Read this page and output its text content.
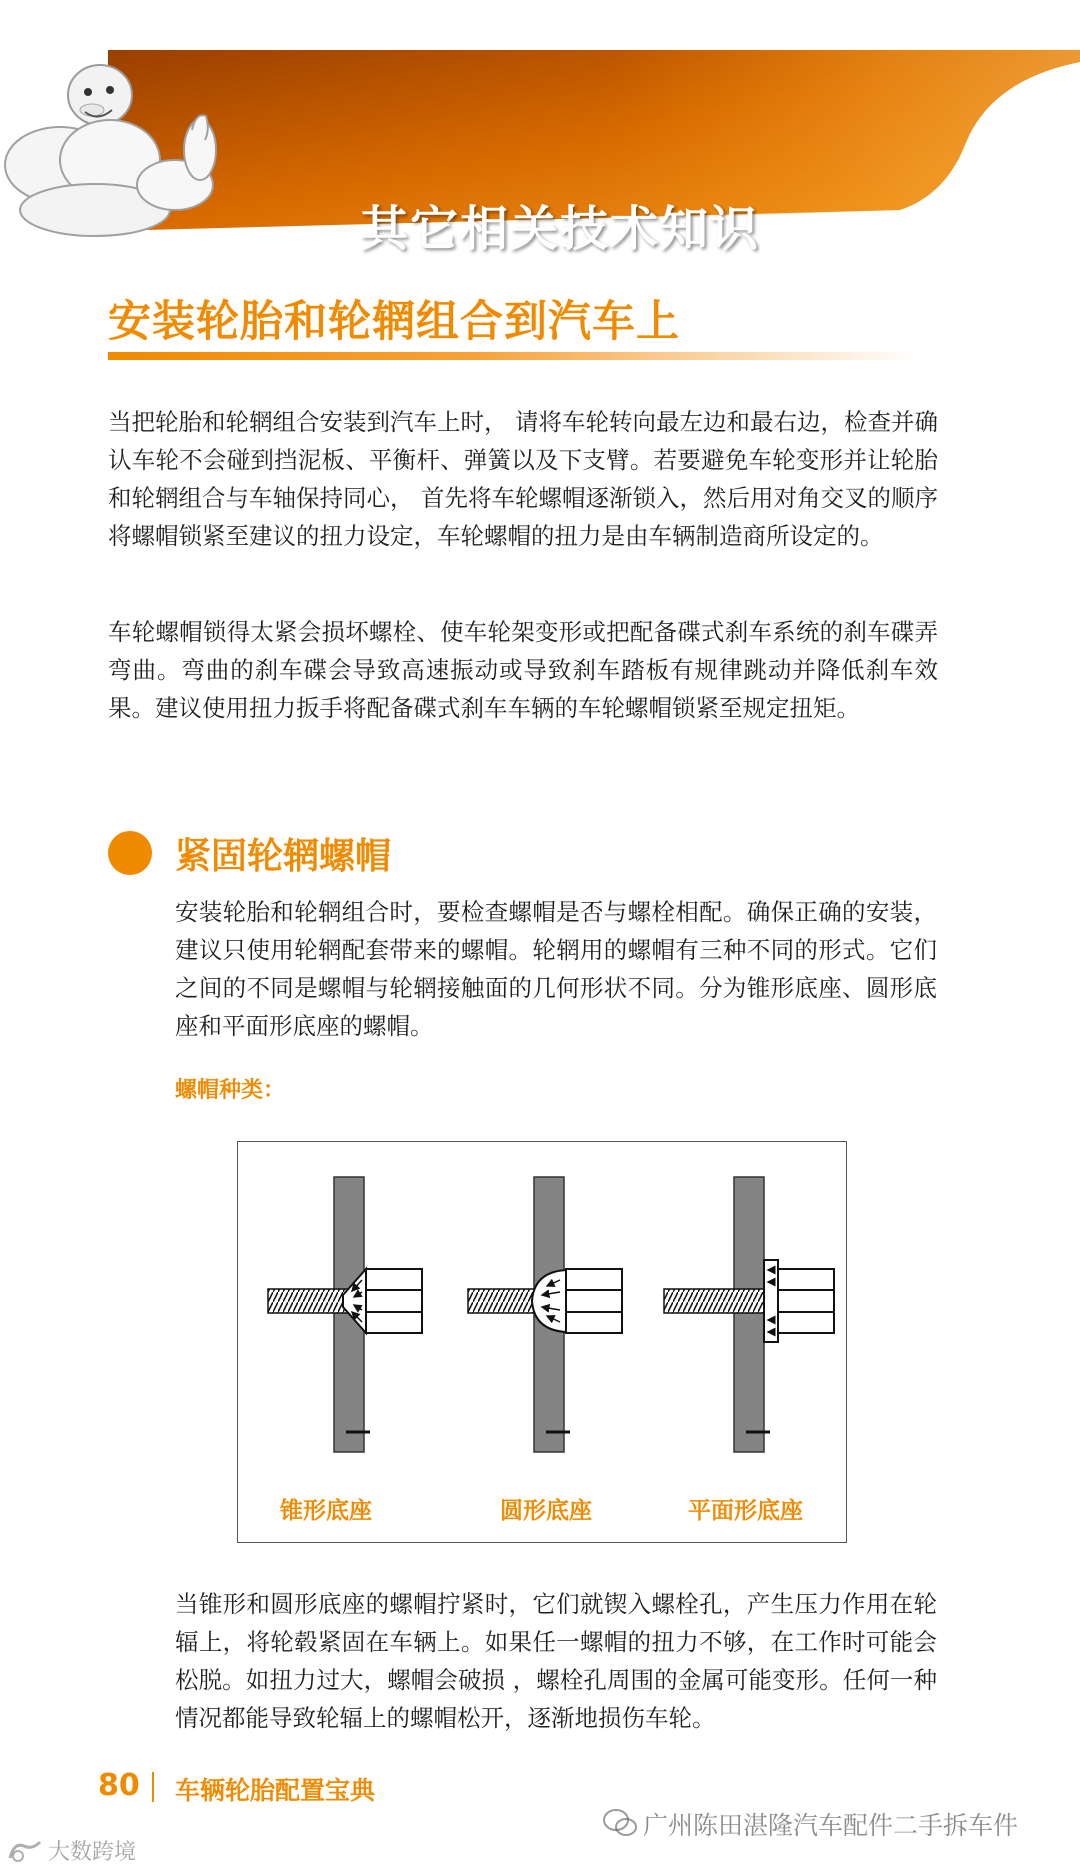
其它相关技术知识
安装轮胎和轮辋组合到汽车上
当把轮胎和轮辋组合安装到汽车上时， 请将车轮转向最左边和最右边，检查并确认车轮不会碰到挡泥板、平衡杆、弹簧以及下支臂。若要避免车轮变形并让轮胎和轮辋组合与车轴保持同心， 首先将车轮螺帽逐渐锁入，然后用对角交叉的顺序将螺帽锁紧至建议的扭力设定，车轮螺帽的扭力是由车辆制造商所设定的。
车轮螺帽锁得太紧会损坏螺栓、使车轮架变形或把配备碟式刹车系统的刹车碟弄弯曲。弯曲的刹车碟会导致高速振动或导致刹车踏板有规律跳动并降低刹车效果。建议使用扭力扳手将配备碟式刹车车辆的车轮螺帽锁紧至规定扭矩。
紧固轮辋螺帽
安装轮胎和轮辋组合时，要检查螺帽是否与螺栓相配。确保正确的安装，建议只使用轮辋配套带来的螺帽。轮辋用的螺帽有三种不同的形式。它们之间的不同是螺帽与轮辋接触面的几何形状不同。分为锥形底座、圆形底座和平面形底座的螺帽。
螺帽种类：
锥形底座	圆形底座	平面形底座
当锥形和圆形底座的螺帽拧紧时，它们就锲入螺栓孔，产生压力作用在轮辐上，将轮毂紧固在车辆上。如果任一螺帽的扭力不够，在工作时可能会松脱。如扭力过大，螺帽会破损 ，螺栓孔周围的金属可能变形。任何一种情况都能导致轮辐上的螺帽松开，逐渐地损伤车轮。
80 车辆轮胎配置宝典
广州陈田湛隆汽车配件二手拆车件
大数跨境
